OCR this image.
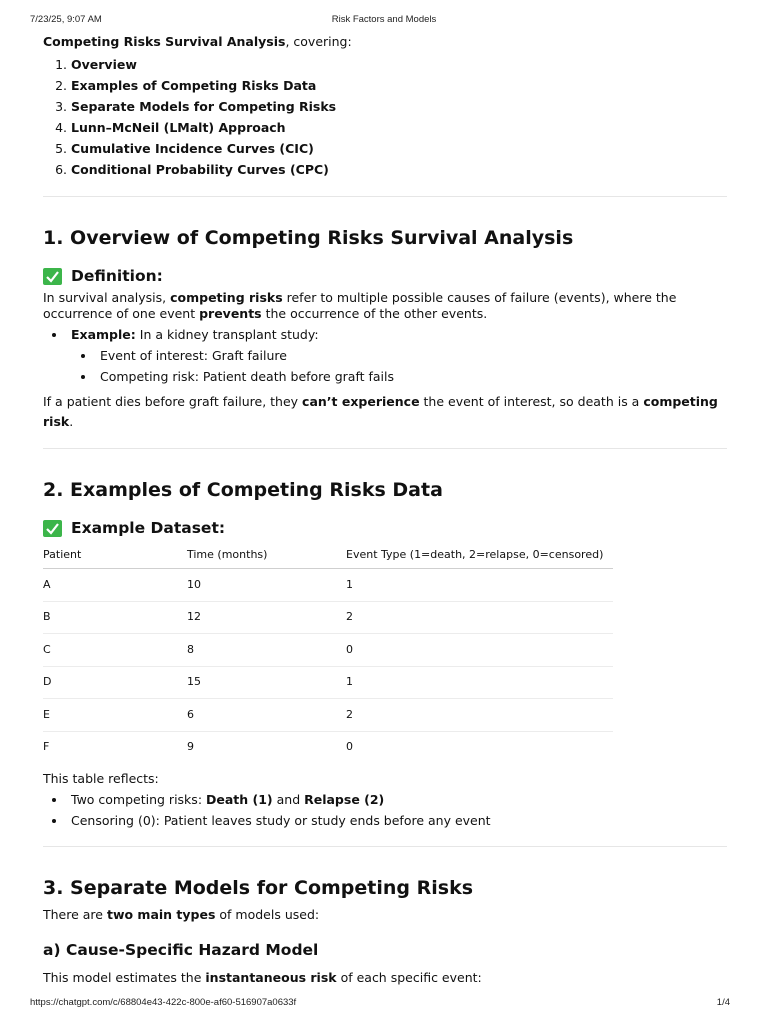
7/23/25, 9:07 AM	Risk Factors and Models

Competing Risks Survival Analysis, covering:

1. Overview
2. Examples of Competing Risks Data
3. Separate Models for Competing Risks
4. Lunn–McNeil (LMalt) Approach
5. Cumulative Incidence Curves (CIC)
6. Conditional Probability Curves (CPC)
1. Overview of Competing Risks Survival Analysis
Definition:

In survival analysis, competing risks refer to multiple possible causes of failure (events), where the
occurrence of one event prevents the occurrence of the other events.

Example: In a kidney transplant study:
Event of interest: Graft failure
Competing risk: Patient death before graft fails

If a patient dies before graft failure, they can’t experience the event of interest, so death is a competing risk.

2. Examples of Competing Risks Data
Example Dataset:
Patient	Time (months)	Event Type (1=death, 2=relapse, 0=censored)
A	10	1
B	12	2
C	8	0
D	15	1
E	6	2
F	9	0

This table reflects:

Two competing risks: Death (1) and Relapse (2)
Censoring (0): Patient leaves study or study ends before any event
3. Separate Models for Competing Risks

There are two main types of models used:

a) Cause-Specific Hazard Model

This model estimates the instantaneous risk of each specific event:

https://chatgpt.com/c/68804e43-422c-800e-af60-516907a0633f	1/4
